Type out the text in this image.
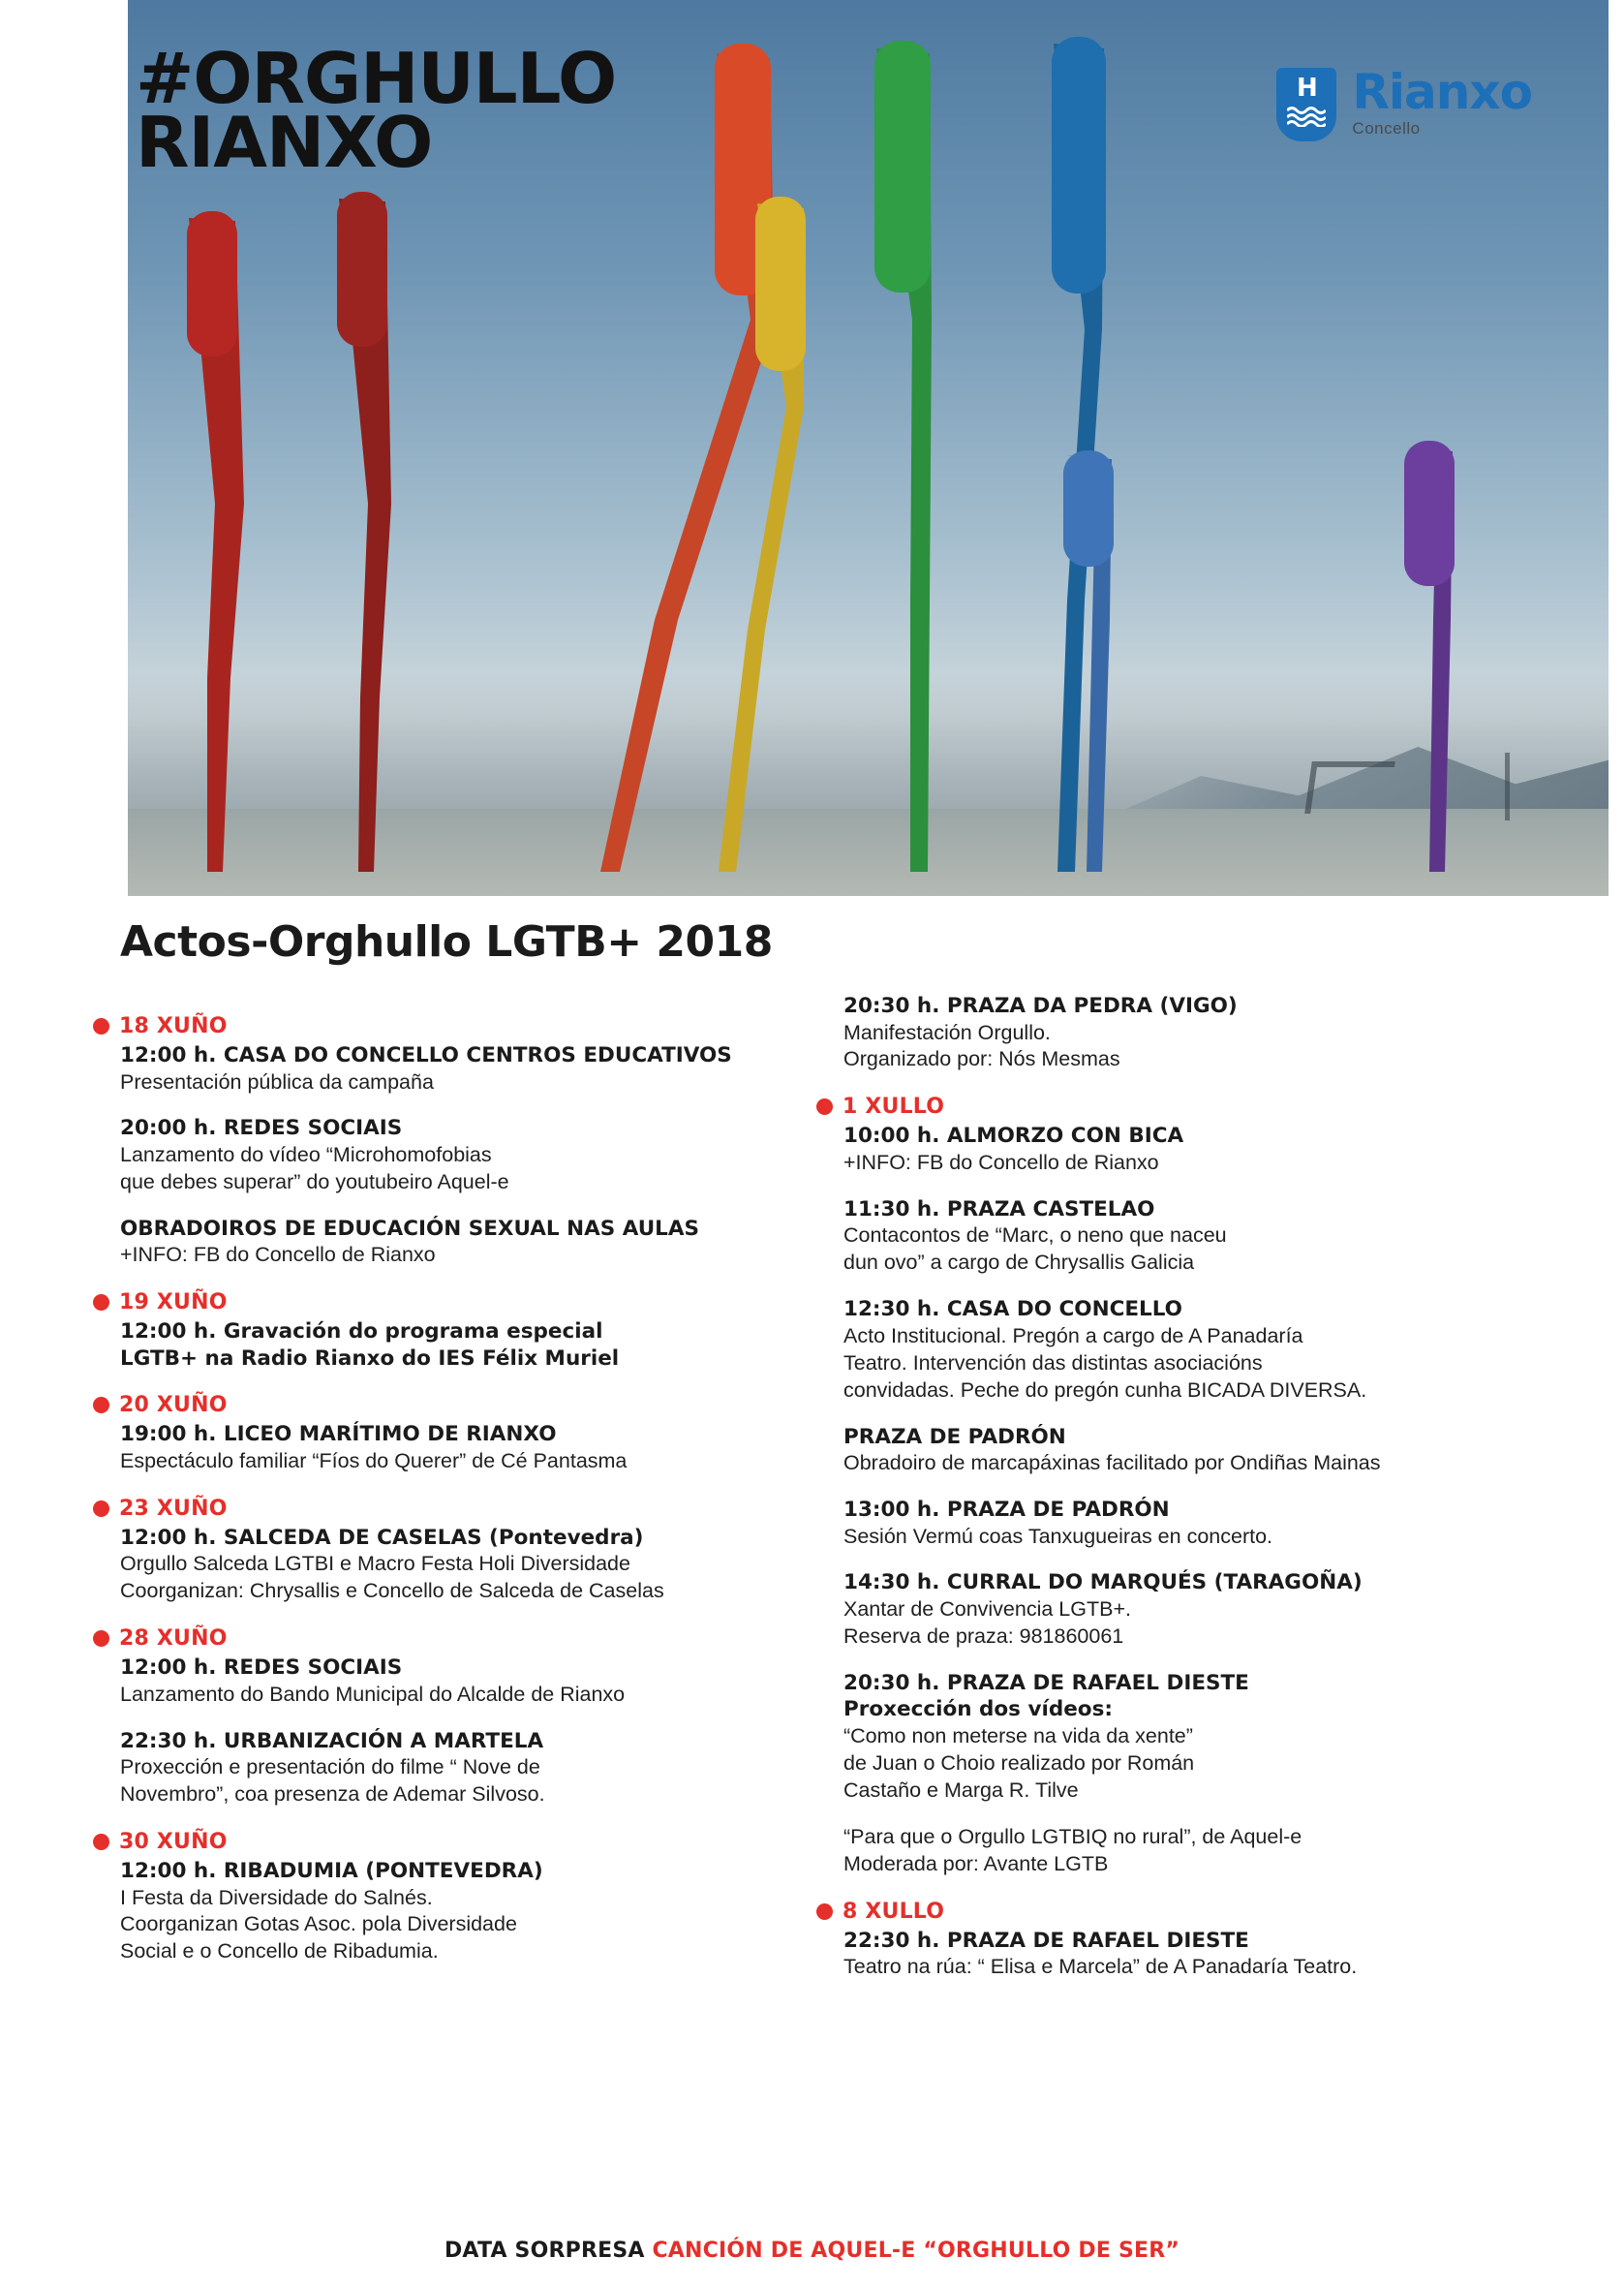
#ORGHULLO
RIANXO
H Rianxo
Concello
Actos-Orghullo LGTB+ 2018
18 XUÑO
12:00 h. CASA DO CONCELLO CENTROS EDUCATIVOS
Presentación pública da campaña
20:00 h. REDES SOCIAIS
Lanzamento do vídeo “Microhomofobias
que debes superar” do youtubeiro Aquel-e
OBRADOIROS DE EDUCACIÓN SEXUAL NAS AULAS
+INFO: FB do Concello de Rianxo
19 XUÑO
12:00 h. Gravación do programa especial
LGTB+ na Radio Rianxo do IES Félix Muriel
20 XUÑO
19:00 h. LICEO MARÍTIMO DE RIANXO
Espectáculo familiar “Fíos do Querer” de Cé Pantasma
23 XUÑO
12:00 h. SALCEDA DE CASELAS (Pontevedra)
Orgullo Salceda LGTBI e Macro Festa Holi Diversidade
Coorganizan: Chrysallis e Concello de Salceda de Caselas
28 XUÑO
12:00 h. REDES SOCIAIS
Lanzamento do Bando Municipal do Alcalde de Rianxo
22:30 h. URBANIZACIÓN A MARTELA
Proxección e presentación do filme “ Nove de
Novembro”, coa presenza de Ademar Silvoso.
30 XUÑO
12:00 h. RIBADUMIA (PONTEVEDRA)
I Festa da Diversidade do Salnés.
Coorganizan Gotas Asoc. pola Diversidade
Social e o Concello de Ribadumia.
20:30 h. PRAZA DA PEDRA (VIGO)
Manifestación Orgullo.
Organizado por: Nós Mesmas
1 XULLO
10:00 h. ALMORZO CON BICA
+INFO: FB do Concello de Rianxo
11:30 h. PRAZA CASTELAO
Contacontos de “Marc, o neno que naceu
dun ovo” a cargo de Chrysallis Galicia
12:30 h. CASA DO CONCELLO
Acto Institucional. Pregón a cargo de A Panadaría
Teatro. Intervención das distintas asociacións
convidadas. Peche do pregón cunha BICADA DIVERSA.
PRAZA DE PADRÓN
Obradoiro de marcapáxinas facilitado por Ondiñas Mainas
13:00 h. PRAZA DE PADRÓN
Sesión Vermú coas Tanxugueiras en concerto.
14:30 h. CURRAL DO MARQUÉS (TARAGOÑA)
Xantar de Convivencia LGTB+.
Reserva de praza: 981860061
20:30 h. PRAZA DE RAFAEL DIESTE
Proxección dos vídeos:
“Como non meterse na vida da xente”
de Juan o Choio realizado por Román
Castaño e Marga R. Tilve
“Para que o Orgullo LGTBIQ no rural”, de Aquel-e
Moderada por: Avante LGTB
8 XULLO
22:30 h. PRAZA DE RAFAEL DIESTE
Teatro na rúa: “ Elisa e Marcela” de A Panadaría Teatro.
DATA SORPRESA CANCIÓN DE AQUEL-E “ORGHULLO DE SER”
